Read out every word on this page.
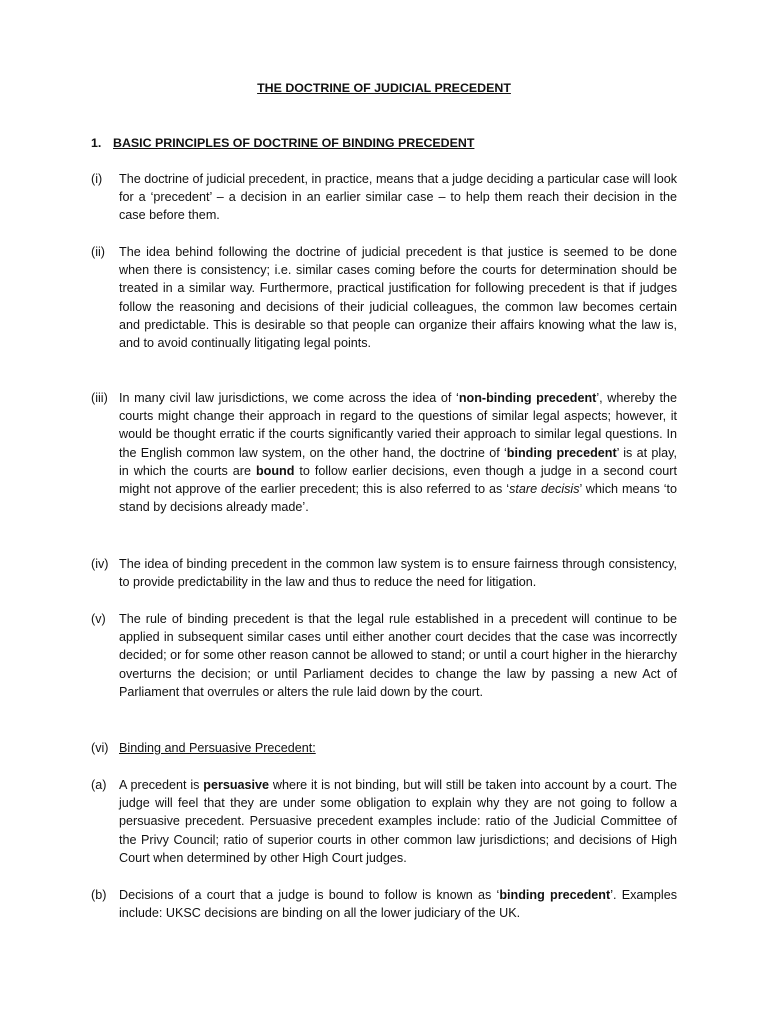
THE DOCTRINE OF JUDICIAL PRECEDENT
1. BASIC PRINCIPLES OF DOCTRINE OF BINDING PRECEDENT
(i) The doctrine of judicial precedent, in practice, means that a judge deciding a particular case will look for a ‘precedent’ – a decision in an earlier similar case – to help them reach their decision in the case before them.
(ii) The idea behind following the doctrine of judicial precedent is that justice is seemed to be done when there is consistency; i.e. similar cases coming before the courts for determination should be treated in a similar way. Furthermore, practical justification for following precedent is that if judges follow the reasoning and decisions of their judicial colleagues, the common law becomes certain and predictable. This is desirable so that people can organize their affairs knowing what the law is, and to avoid continually litigating legal points.
(iii) In many civil law jurisdictions, we come across the idea of ‘non-binding precedent’, whereby the courts might change their approach in regard to the questions of similar legal aspects; however, it would be thought erratic if the courts significantly varied their approach to similar legal questions. In the English common law system, on the other hand, the doctrine of ‘binding precedent’ is at play, in which the courts are bound to follow earlier decisions, even though a judge in a second court might not approve of the earlier precedent; this is also referred to as ‘stare decisis’ which means ‘to stand by decisions already made’.
(iv) The idea of binding precedent in the common law system is to ensure fairness through consistency, to provide predictability in the law and thus to reduce the need for litigation.
(v) The rule of binding precedent is that the legal rule established in a precedent will continue to be applied in subsequent similar cases until either another court decides that the case was incorrectly decided; or for some other reason cannot be allowed to stand; or until a court higher in the hierarchy overturns the decision; or until Parliament decides to change the law by passing a new Act of Parliament that overrules or alters the rule laid down by the court.
(vi) Binding and Persuasive Precedent:
(a) A precedent is persuasive where it is not binding, but will still be taken into account by a court. The judge will feel that they are under some obligation to explain why they are not going to follow a persuasive precedent. Persuasive precedent examples include: ratio of the Judicial Committee of the Privy Council; ratio of superior courts in other common law jurisdictions; and decisions of High Court when determined by other High Court judges.
(b) Decisions of a court that a judge is bound to follow is known as ‘binding precedent’. Examples include: UKSC decisions are binding on all the lower judiciary of the UK.
